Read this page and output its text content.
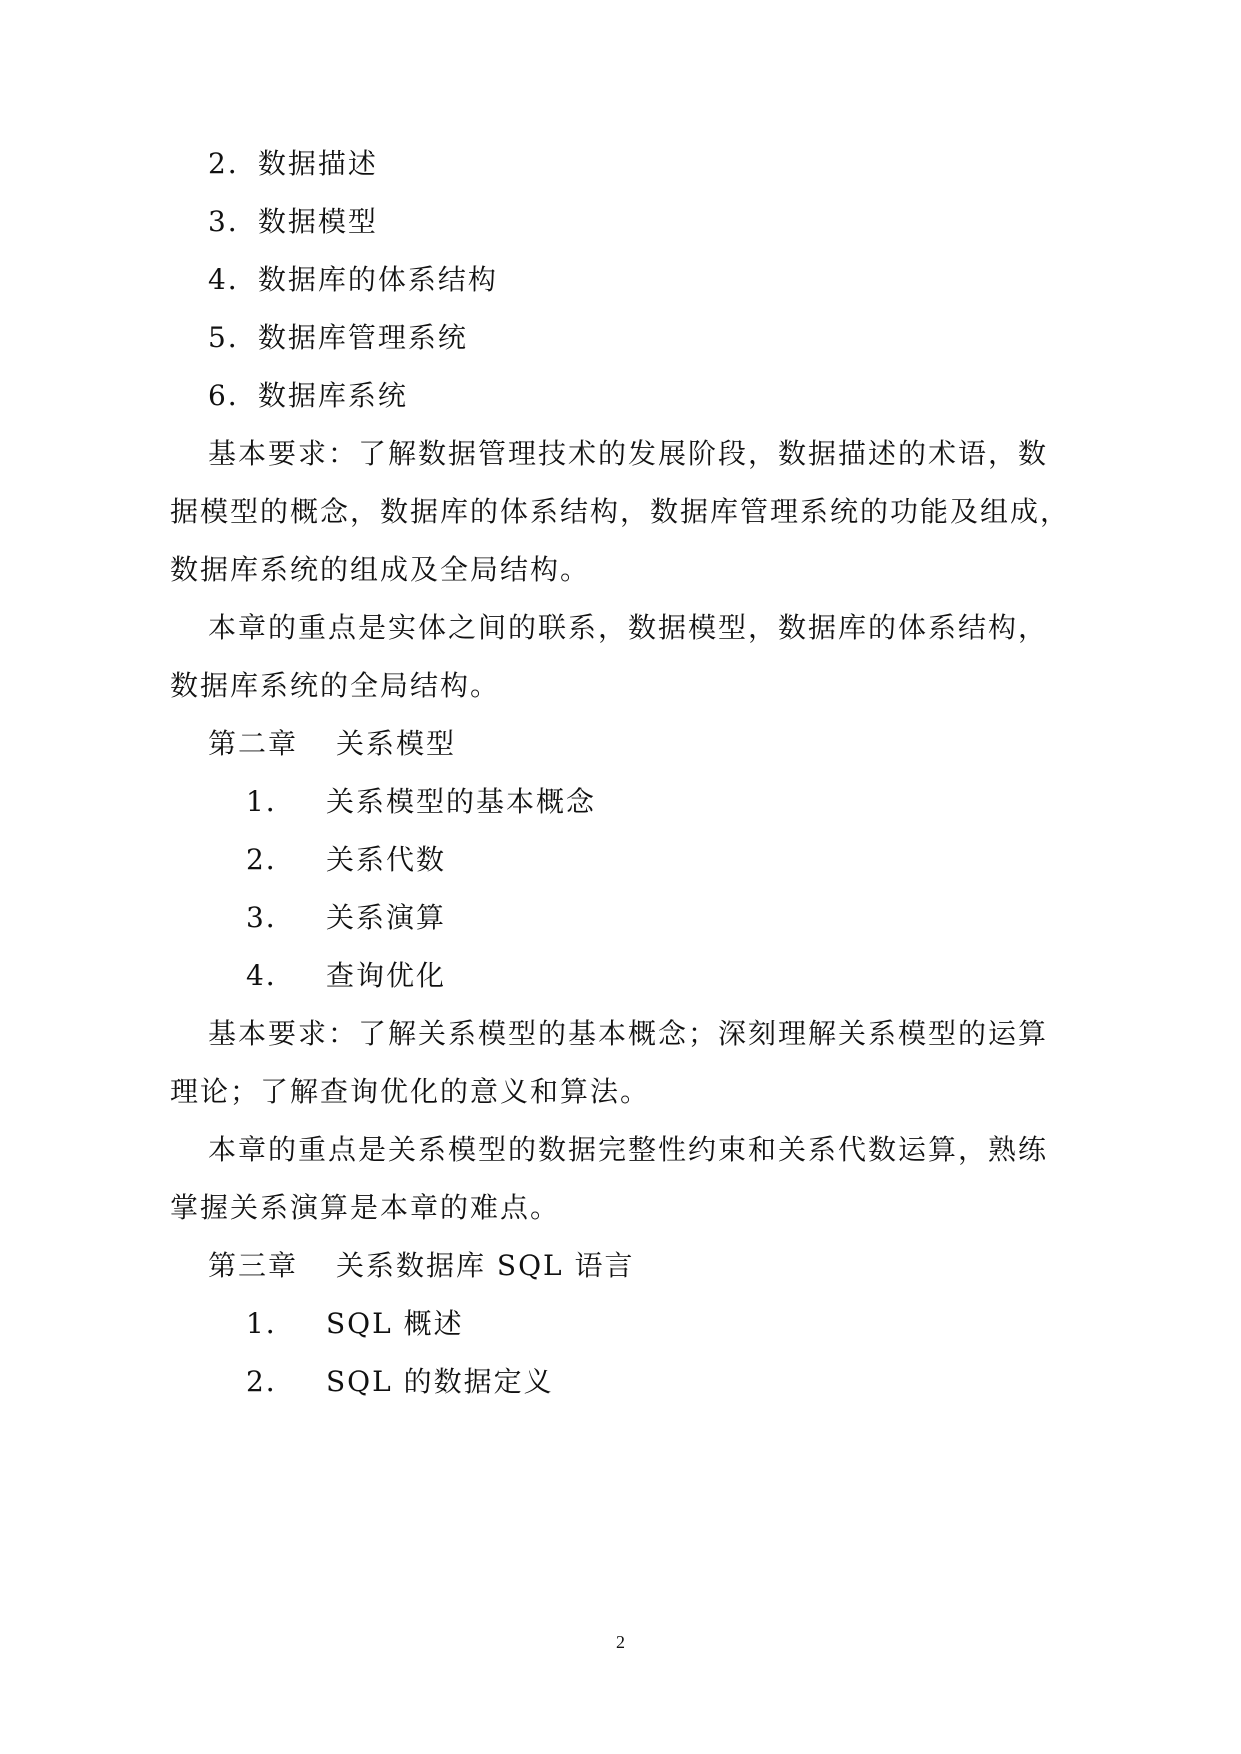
2．数据描述
3．数据模型
4．数据库的体系结构
5．数据库管理系统
6．数据库系统
基本要求：了解数据管理技术的发展阶段，数据描述的术语，数
据模型的概念，数据库的体系结构，数据库管理系统的功能及组成，
数据库系统的组成及全局结构。
本章的重点是实体之间的联系，数据模型，数据库的体系结构，
数据库系统的全局结构。
第二章 关系模型
1． 关系模型的基本概念
2． 关系代数
3． 关系演算
4． 查询优化
基本要求：了解关系模型的基本概念；深刻理解关系模型的运算
理论；了解查询优化的意义和算法。
本章的重点是关系模型的数据完整性约束和关系代数运算，熟练
掌握关系演算是本章的难点。
第三章 关系数据库 SQL 语言
1． SQL 概述
2． SQL 的数据定义
2
